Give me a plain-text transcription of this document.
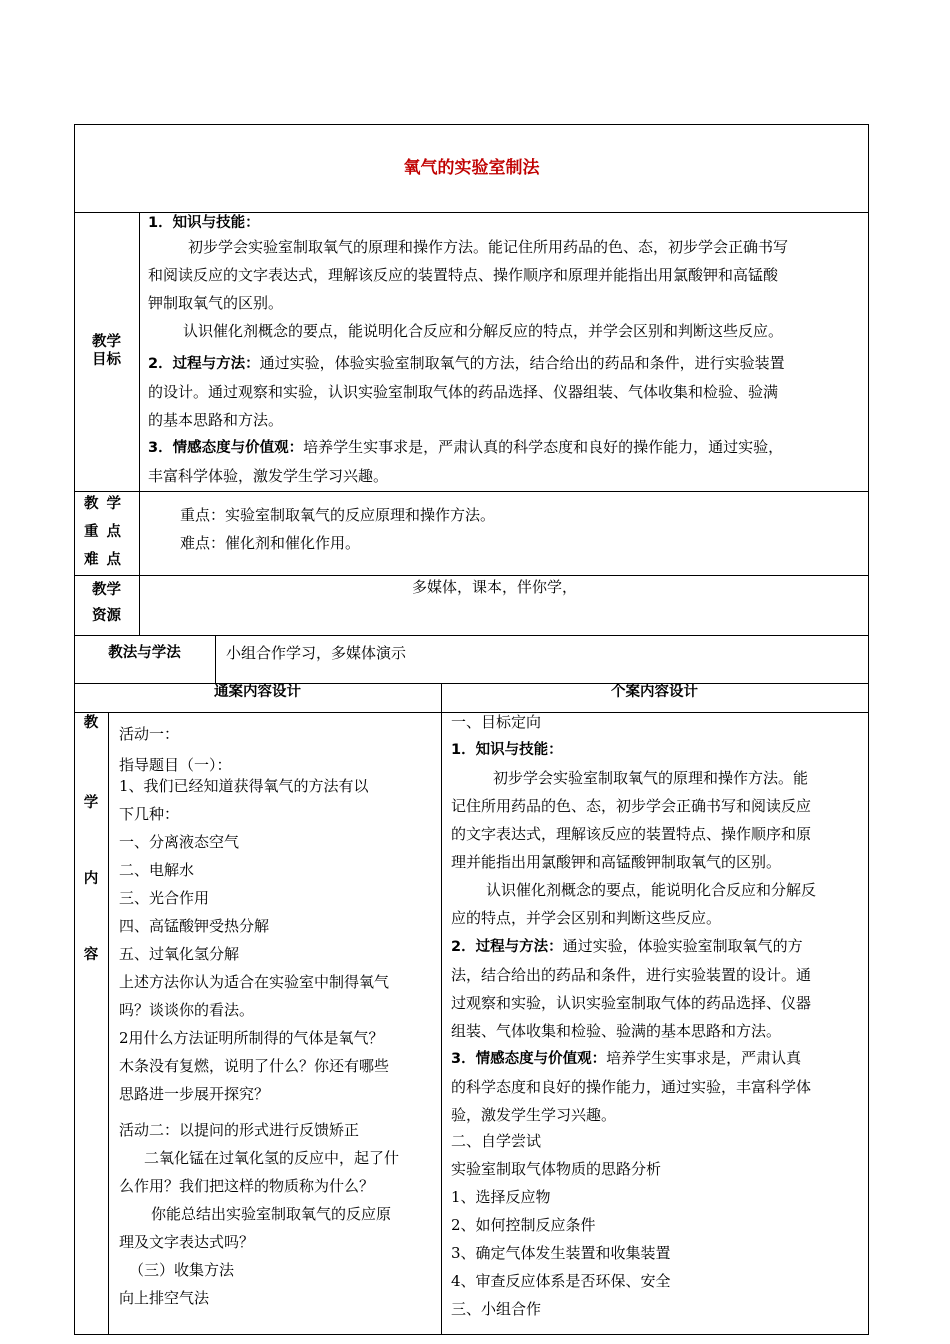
氧气的实验室制法
教学
目标
1．知识与技能：
初步学会实验室制取氧气的原理和操作方法。能记住所用药品的色、态，初步学会正确书写
和阅读反应的文字表达式，理解该反应的装置特点、操作顺序和原理并能指出用氯酸钾和高锰酸
钾制取氧气的区别。
认识催化剂概念的要点，能说明化合反应和分解反应的特点，并学会区别和判断这些反应。
2．过程与方法：通过实验，体验实验室制取氧气的方法，结合给出的药品和条件，进行实验装置
的设计。通过观察和实验，认识实验室制取气体的药品选择、仪器组装、气体收集和检验、验满
的基本思路和方法。
3．情感态度与价值观：培养学生实事求是，严肃认真的科学态度和良好的操作能力，通过实验，
丰富科学体验，激发学生学习兴趣。
教学
重点
难点
重点：实验室制取氧气的反应原理和操作方法。
难点：催化剂和催化作用。
教学
资源
多媒体，课本，伴你学，
教法与学法	小组合作学习，多媒体演示
通案内容设计	个案内容设计
教
学
内
容
活动一：
指导题目（一）：
1、我们已经知道获得氧气的方法有以
下几种：
一、分离液态空气
二、电解水
三、光合作用
四、高锰酸钾受热分解
五、过氧化氢分解
上述方法你认为适合在实验室中制得氧气
吗？谈谈你的看法。
2用什么方法证明所制得的气体是氧气？
木条没有复燃，说明了什么？你还有哪些
思路进一步展开探究？
活动二：以提问的形式进行反馈矫正
二氧化锰在过氧化氢的反应中，起了什
么作用？我们把这样的物质称为什么？
你能总结出实验室制取氧气的反应原
理及文字表达式吗？
（三）收集方法
向上排空气法
一、目标定向
1．知识与技能：
初步学会实验室制取氧气的原理和操作方法。能
记住所用药品的色、态，初步学会正确书写和阅读反应
的文字表达式，理解该反应的装置特点、操作顺序和原
理并能指出用氯酸钾和高锰酸钾制取氧气的区别。
认识催化剂概念的要点，能说明化合反应和分解反
应的特点，并学会区别和判断这些反应。
2．过程与方法：通过实验，体验实验室制取氧气的方
法，结合给出的药品和条件，进行实验装置的设计。通
过观察和实验，认识实验室制取气体的药品选择、仪器
组装、气体收集和检验、验满的基本思路和方法。
3．情感态度与价值观：培养学生实事求是，严肃认真
的科学态度和良好的操作能力，通过实验，丰富科学体
验，激发学生学习兴趣。
二、自学尝试
实验室制取气体物质的思路分析
1、选择反应物
2、如何控制反应条件
3、确定气体发生装置和收集装置
4、审查反应体系是否环保、安全
三、小组合作
